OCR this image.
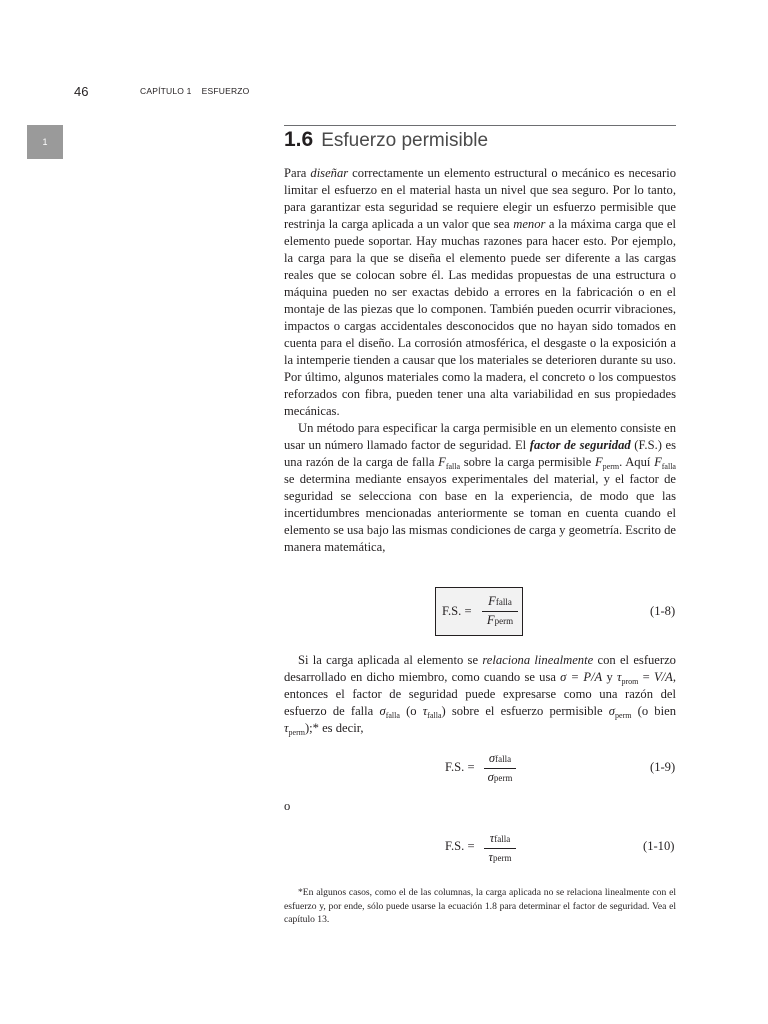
46	CAPÍTULO 1 ESFUERZO
1	1.6 Esfuerzo permisible

Para diseñar correctamente un elemento estructural o mecánico es necesario limitar el esfuerzo en el material hasta un nivel que sea seguro. Por lo tanto, para garantizar esta seguridad se requiere elegir un esfuerzo permisible que restrinja la carga aplicada a un valor que sea menor a la máxima carga que el elemento puede soportar. Hay muchas razones para hacer esto. Por ejemplo, la carga para la que se diseña el elemento puede ser diferente a las cargas reales que se colocan sobre él. Las medidas propuestas de una estructura o máquina pueden no ser exactas debido a errores en la fabricación o en el montaje de las piezas que lo componen. También pueden ocurrir vibraciones, impactos o cargas accidentales desconocidos que no hayan sido tomados en cuenta para el diseño. La corrosión atmosférica, el desgaste o la exposición a la intemperie tienden a causar que los materiales se deterioren durante su uso. Por último, algunos materiales como la madera, el concreto o los compuestos reforzados con fibra, pueden tener una alta variabilidad en sus propiedades mecánicas.

Un método para especificar la carga permisible en un elemento consiste en usar un número llamado factor de seguridad. El factor de seguridad (F.S.) es una razón de la carga de falla $F_{falla}$ sobre la carga permisible $F_{perm}$. Aquí $F_{falla}$ se determina mediante ensayos experimentales del material, y el factor de seguridad se selecciona con base en la experiencia, de modo que las incertidumbres mencionadas anteriormente se toman en cuenta cuando el elemento se usa bajo las mismas condiciones de carga y geometría. Escrito de manera matemática,

F.S. =
Ffalla
Fperm
(1-8)

Si la carga aplicada al elemento se relaciona linealmente con el esfuerzo desarrollado en dicho miembro, como cuando se usa σ = P/A y $\tau_{prom} = V/A$, entonces el factor de seguridad puede expresarse como una razón del esfuerzo de falla $\sigma_{falla}$ (o $\tau_{falla}$) sobre el esfuerzo permisible $\sigma_{perm}$ (o bien $\tau_{perm});*$ es decir,

F.S. =
σfalla
σperm
(1-9)
o
F.S. =
τfalla
τperm
(1-10)

*En algunos casos, como el de las columnas, la carga aplicada no se relaciona linealmente con el esfuerzo y, por ende, sólo puede usarse la ecuación 1.8 para determinar el factor de seguridad. Vea el capítulo 13.
